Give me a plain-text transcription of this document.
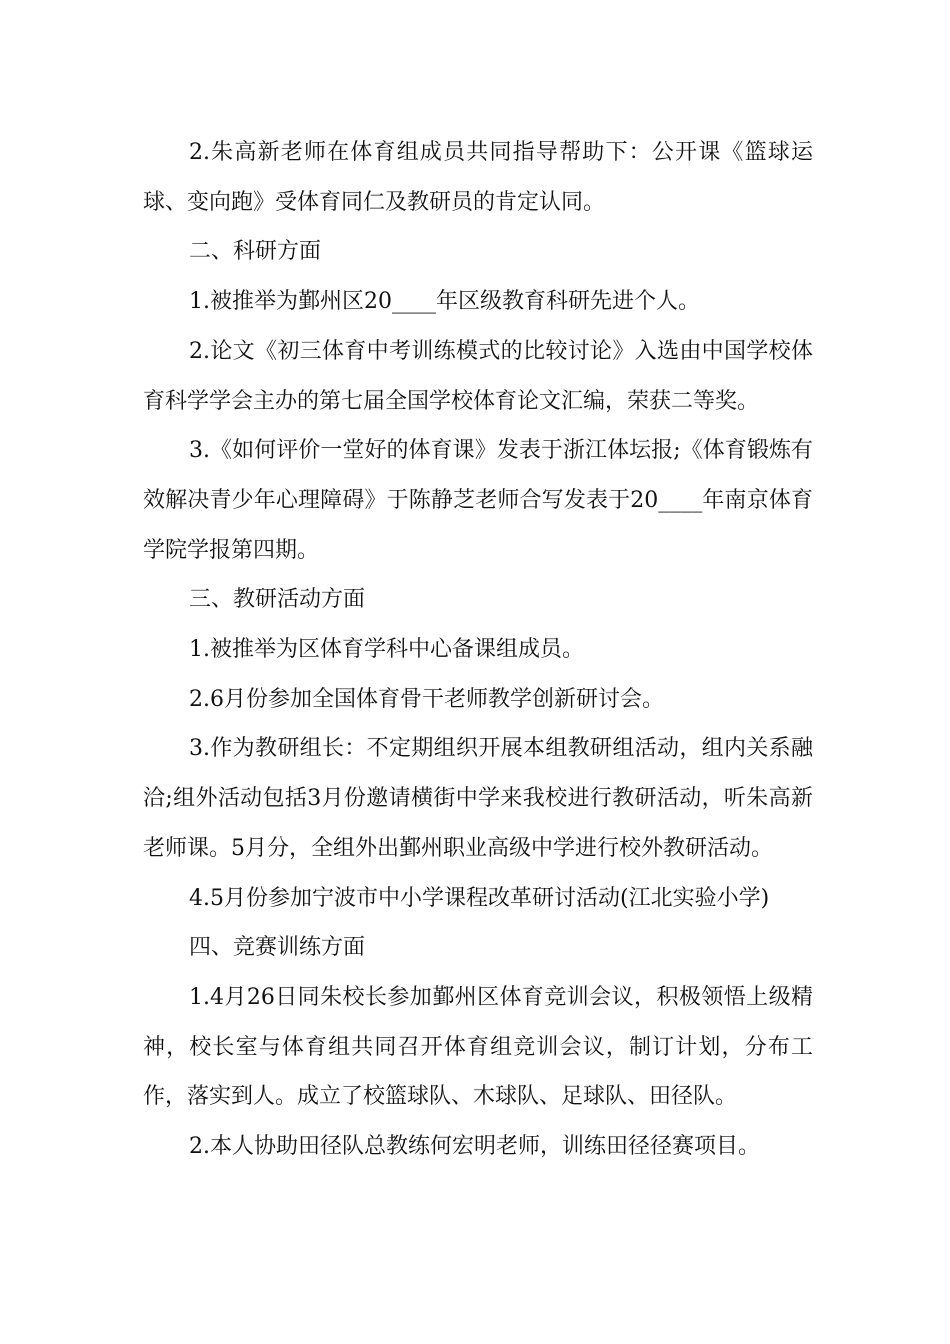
2.朱高新老师在体育组成员共同指导帮助下：公开课《篮球运球、变向跑》受体育同仁及教研员的肯定认同。

二、科研方面

1.被推举为鄞州区20____年区级教育科研先进个人。

2.论文《初三体育中考训练模式的比较讨论》入选由中国学校体育科学学会主办的第七届全国学校体育论文汇编，荣获二等奖。

3.《如何评价一堂好的体育课》发表于浙江体坛报;《体育锻炼有效解决青少年心理障碍》于陈静芝老师合写发表于20____年南京体育学院学报第四期。

三、教研活动方面

1.被推举为区体育学科中心备课组成员。

2.6月份参加全国体育骨干老师教学创新研讨会。

3.作为教研组长：不定期组织开展本组教研组活动，组内关系融洽;组外活动包括3月份邀请横街中学来我校进行教研活动，听朱高新老师课。5月分，全组外出鄞州职业高级中学进行校外教研活动。

4.5月份参加宁波市中小学课程改革研讨活动(江北实验小学)

四、竞赛训练方面

1.4月26日同朱校长参加鄞州区体育竞训会议，积极领悟上级精神，校长室与体育组共同召开体育组竞训会议，制订计划，分布工作，落实到人。成立了校篮球队、木球队、足球队、田径队。

2.本人协助田径队总教练何宏明老师，训练田径径赛项目。
